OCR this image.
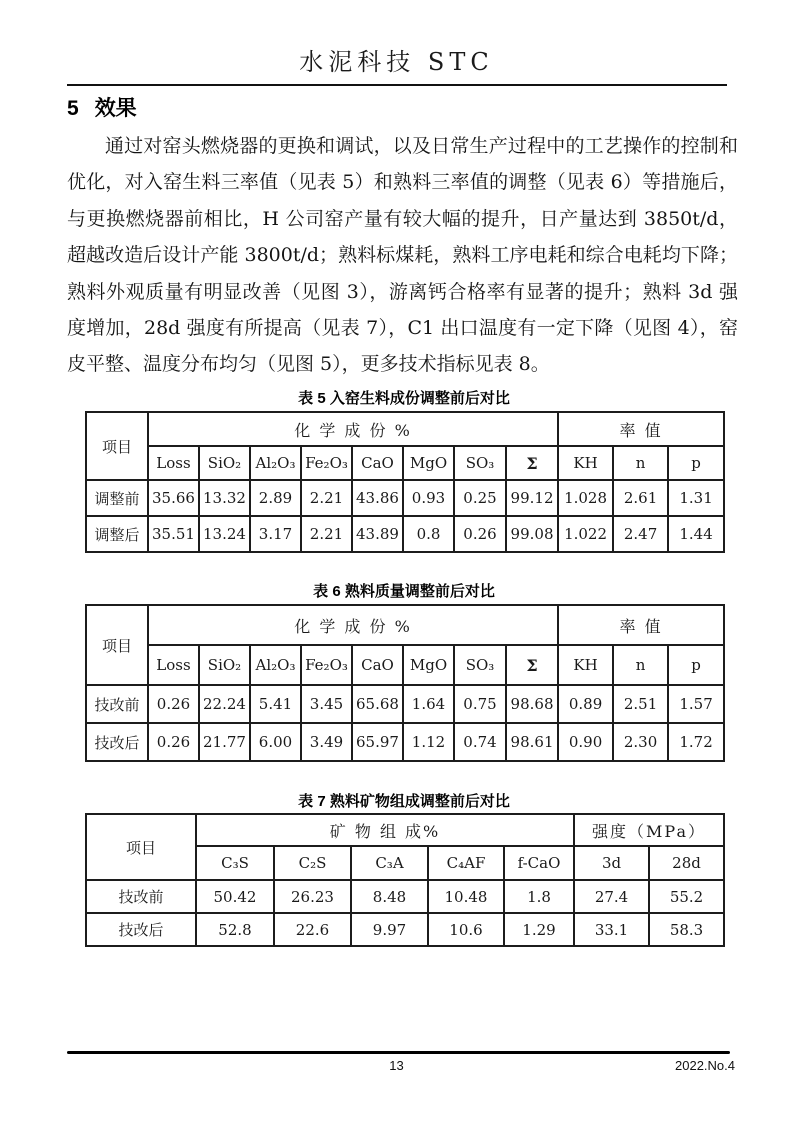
水泥科技 STC
5 效果
通过对窑头燃烧器的更换和调试，以及日常生产过程中的工艺操作的控制和优化，对入窑生料三率值（见表 5）和熟料三率值的调整（见表 6）等措施后，与更换燃烧器前相比，H 公司窑产量有较大幅的提升，日产量达到 3850t/d，超越改造后设计产能 3800t/d；熟料标煤耗，熟料工序电耗和综合电耗均下降；熟料外观质量有明显改善（见图 3），游离钙合格率有显著的提升；熟料 3d 强度增加，28d 强度有所提高（见表 7），C1 出口温度有一定下降（见图 4），窑皮平整、温度分布均匀（见图 5），更多技术指标见表 8。
表 5 入窑生料成份调整前后对比
项目	化 学 成 份 %								率 值		
	Loss	SiO₂	Al₂O₃	Fe₂O₃	CaO	MgO	SO₃	Σ	KH	n	p
调整前	35.66	13.32	2.89	2.21	43.86	0.93	0.25	99.12	1.028	2.61	1.31
调整后	35.51	13.24	3.17	2.21	43.89	0.8	0.26	99.08	1.022	2.47	1.44
表 6 熟料质量调整前后对比
项目	化 学 成 份 %								率 值		
	Loss	SiO₂	Al₂O₃	Fe₂O₃	CaO	MgO	SO₃	Σ	KH	n	p
技改前	0.26	22.24	5.41	3.45	65.68	1.64	0.75	98.68	0.89	2.51	1.57
技改后	0.26	21.77	6.00	3.49	65.97	1.12	0.74	98.61	0.90	2.30	1.72
表 7 熟料矿物组成调整前后对比
项目	矿 物 组 成%					强度（MPa）	
	C₃S	C₂S	C₃A	C₄AF	f-CaO	3d	28d
技改前	50.42	26.23	8.48	10.48	1.8	27.4	55.2
技改后	52.8	22.6	9.97	10.6	1.29	33.1	58.3
13	2022.No.4
